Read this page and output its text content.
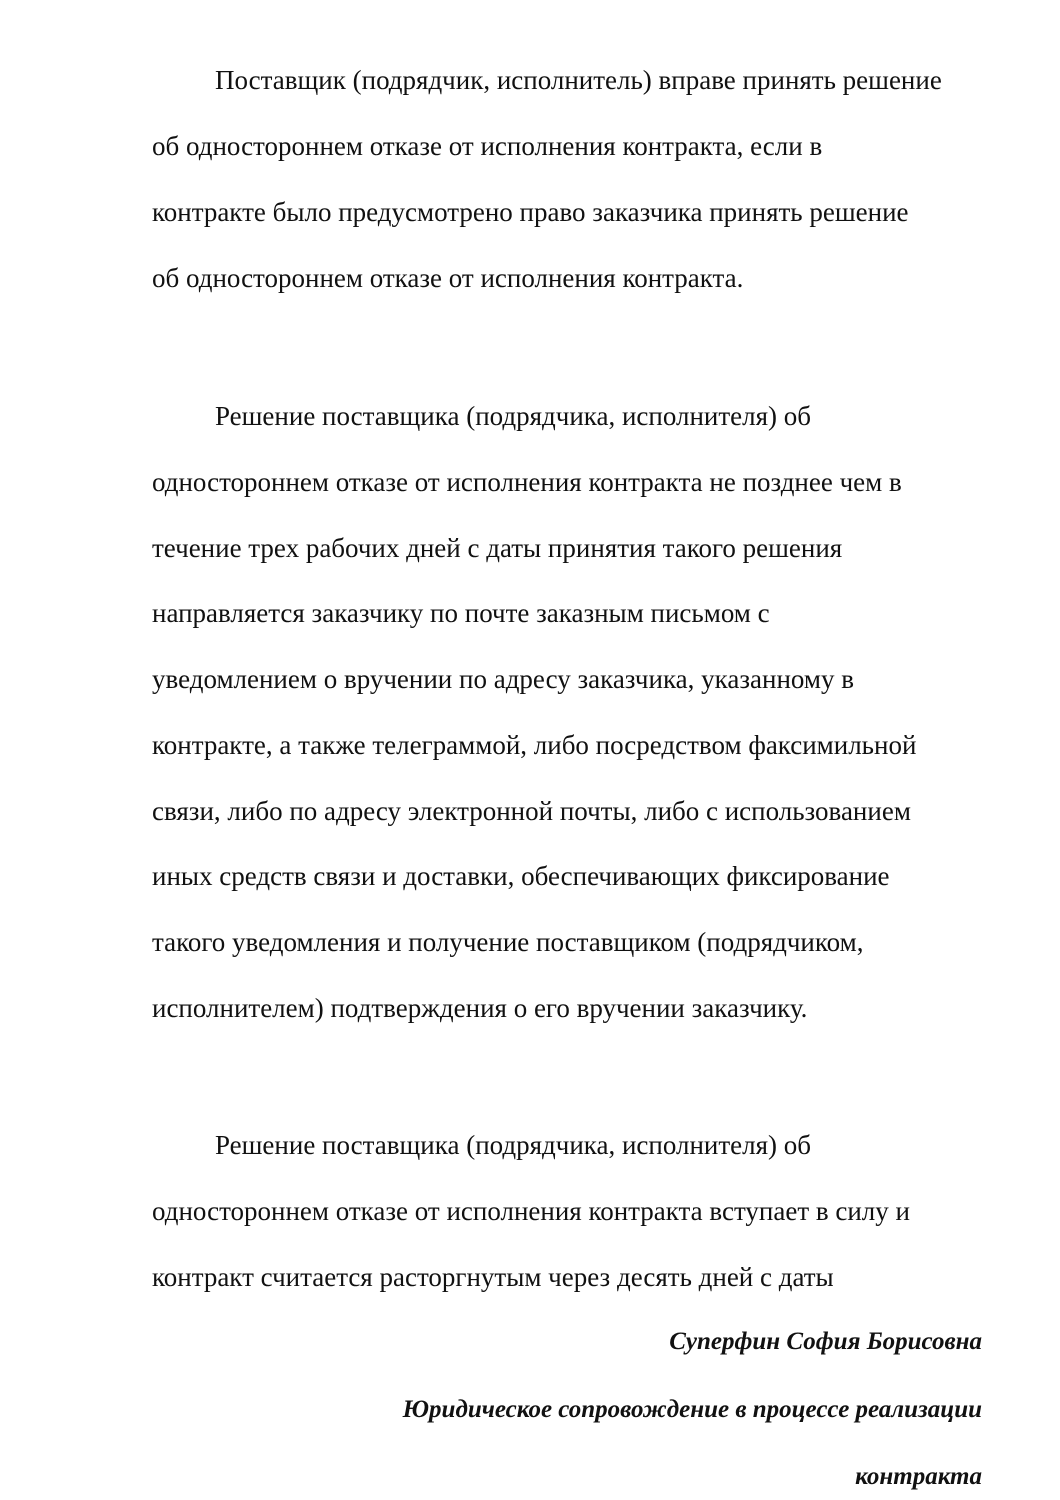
Поставщик (подрядчик, исполнитель) вправе принять решение

об одностороннем отказе от исполнения контракта, если в

контракте было предусмотрено право заказчика принять решение

об одностороннем отказе от исполнения контракта.

Решение поставщика (подрядчика, исполнителя) об

одностороннем отказе от исполнения контракта не позднее чем в

течение трех рабочих дней с даты принятия такого решения

направляется заказчику по почте заказным письмом с

уведомлением о вручении по адресу заказчика, указанному в

контракте, а также телеграммой, либо посредством факсимильной

связи, либо по адресу электронной почты, либо с использованием

иных средств связи и доставки, обеспечивающих фиксирование

такого уведомления и получение поставщиком (подрядчиком,

исполнителем) подтверждения о его вручении заказчику.

Решение поставщика (подрядчика, исполнителя) об

одностороннем отказе от исполнения контракта вступает в силу и

контракт считается расторгнутым через десять дней с даты

Суперфин София Борисовна

Юридическое сопровождение в процессе реализации

контракта
